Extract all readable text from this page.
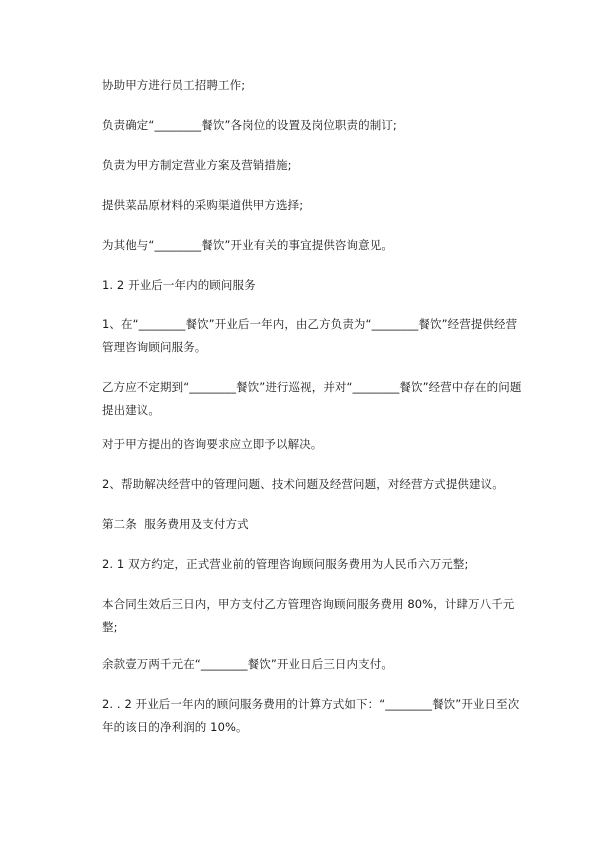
协助甲方进行员工招聘工作;
负责确定“________餐饮”各岗位的设置及岗位职责的制订;
负责为甲方制定营业方案及营销措施;
提供菜品原材料的采购渠道供甲方选择;
为其他与“________餐饮”开业有关的事宜提供咨询意见。
1. 2 开业后一年内的顾问服务
1、在“________餐饮”开业后一年内，由乙方负责为“________餐饮”经营提供经营管理咨询顾问服务。
乙方应不定期到“________餐饮”进行巡视，并对“________餐饮”经营中存在的问题提出建议。
对于甲方提出的咨询要求应立即予以解决。
2、帮助解决经营中的管理问题、技术问题及经营问题，对经营方式提供建议。
第二条  服务费用及支付方式
2. 1 双方约定，正式营业前的管理咨询顾问服务费用为人民币六万元整;
本合同生效后三日内，甲方支付乙方管理咨询顾问服务费用 80%，计肆万八千元整;
余款壹万两千元在“________餐饮”开业日后三日内支付。
2. . 2 开业后一年内的顾问服务费用的计算方式如下：“________餐饮”开业日至次年的该日的净利润的 10%。
